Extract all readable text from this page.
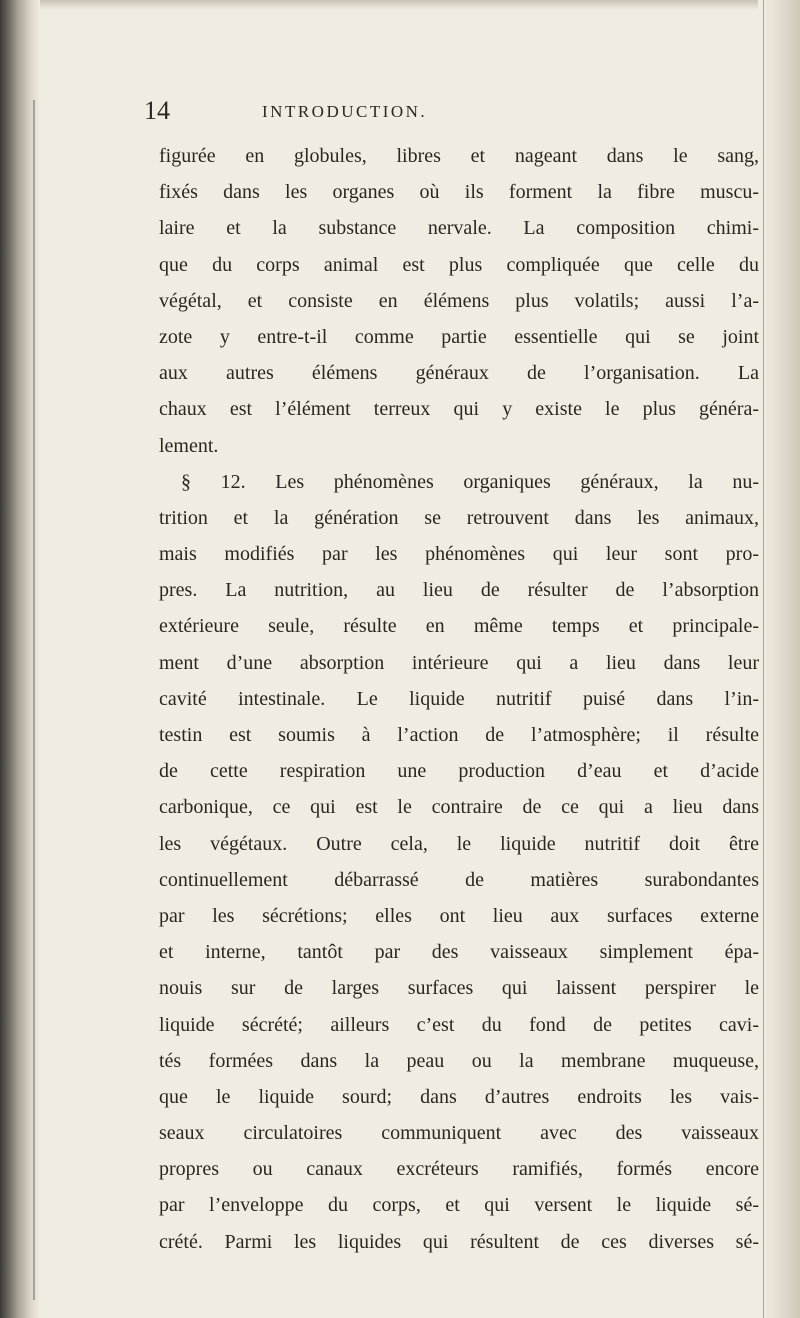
14	INTRODUCTION.
figurée en globules, libres et nageant dans le sang,
fixés dans les organes où ils forment la fibre muscu-
laire et la substance nervale. La composition chimi-
que du corps animal est plus compliquée que celle du
végétal, et consiste en élémens plus volatils; aussi l’a-
zote y entre-t-il comme partie essentielle qui se joint
aux autres élémens généraux de l’organisation. La
chaux est l’élément terreux qui y existe le plus généra-
lement.
§ 12. Les phénomènes organiques généraux, la nu-
trition et la génération se retrouvent dans les animaux,
mais modifiés par les phénomènes qui leur sont pro-
pres. La nutrition, au lieu de résulter de l’absorption
extérieure seule, résulte en même temps et principale-
ment d’une absorption intérieure qui a lieu dans leur
cavité intestinale. Le liquide nutritif puisé dans l’in-
testin est soumis à l’action de l’atmosphère; il résulte
de cette respiration une production d’eau et d’acide
carbonique, ce qui est le contraire de ce qui a lieu dans
les végétaux. Outre cela, le liquide nutritif doit être
continuellement débarrassé de matières surabondantes
par les sécrétions; elles ont lieu aux surfaces externe
et interne, tantôt par des vaisseaux simplement épa-
nouis sur de larges surfaces qui laissent perspirer le
liquide sécrété; ailleurs c’est du fond de petites cavi-
tés formées dans la peau ou la membrane muqueuse,
que le liquide sourd; dans d’autres endroits les vais-
seaux circulatoires communiquent avec des vaisseaux
propres ou canaux excréteurs ramifiés, formés encore
par l’enveloppe du corps, et qui versent le liquide sé-
crété. Parmi les liquides qui résultent de ces diverses sé-
